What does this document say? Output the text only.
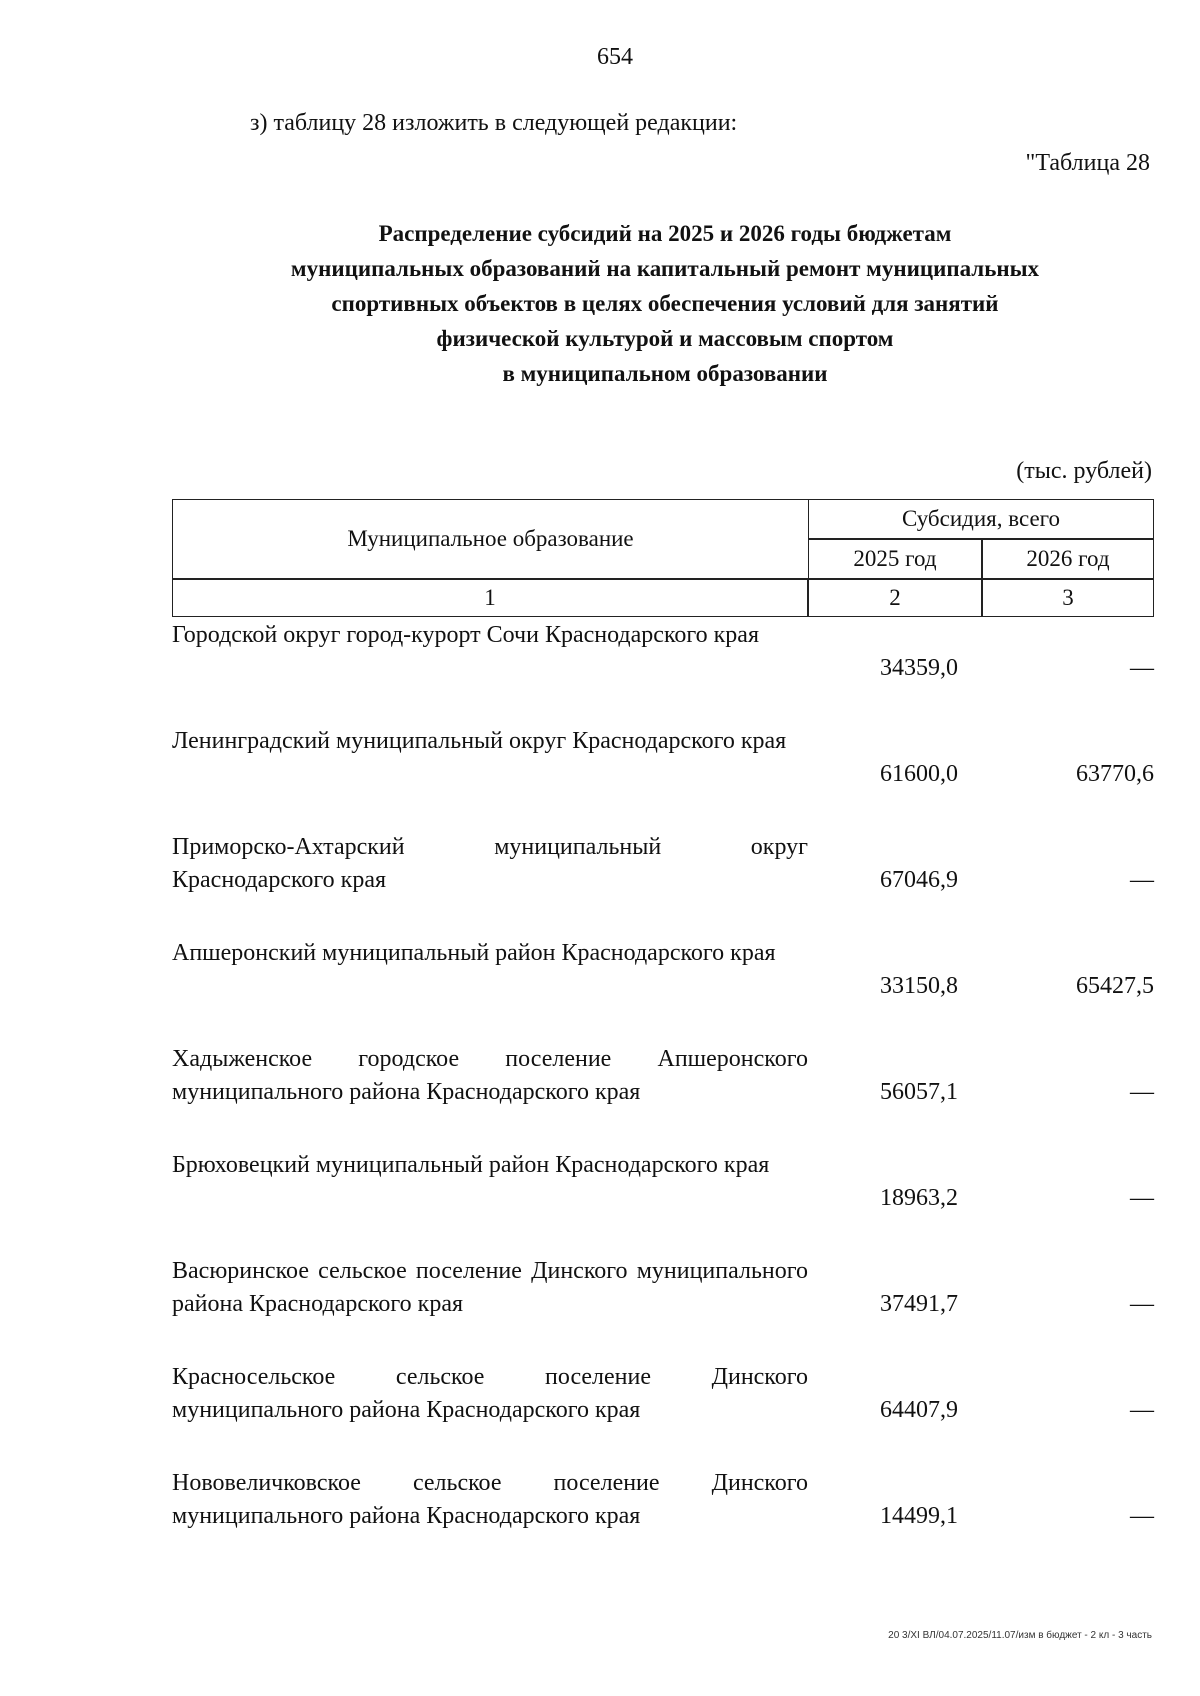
654
з) таблицу 28 изложить в следующей редакции:
"Таблица 28
Распределение субсидий на 2025 и 2026 годы бюджетам
муниципальных образований на капитальный ремонт муниципальных
спортивных объектов в целях обеспечения условий для занятий
физической культурой и массовым спортом
в муниципальном образовании
(тыс. рублей)
Муниципальное образование
Субсидия, всего
2025 год	2026 год
1	2	3
Городской округ город-курорт Сочи Краснодарского края
34359,0	—
Ленинградский муниципальный округ Краснодарского края
61600,0	63770,6
Приморско-Ахтарский муниципальный округ Краснодарского края	67046,9	—
Апшеронский муниципальный район Краснодарского края
33150,8	65427,5
Хадыженское городское поселение Апшеронского муниципального района Краснодарского края	56057,1	—
Брюховецкий муниципальный район Краснодарского края
18963,2	—
Васюринское сельское поселение Динского муниципального района Краснодарского края	37491,7	—
Красносельское сельское поселение Динского муниципального района Краснодарского края	64407,9	—
Нововеличковское сельское поселение Динского муниципального района Краснодарского края	14499,1	—
20 3/XI ВЛ/04.07.2025/11.07/изм в бюджет - 2 кл - 3 часть
